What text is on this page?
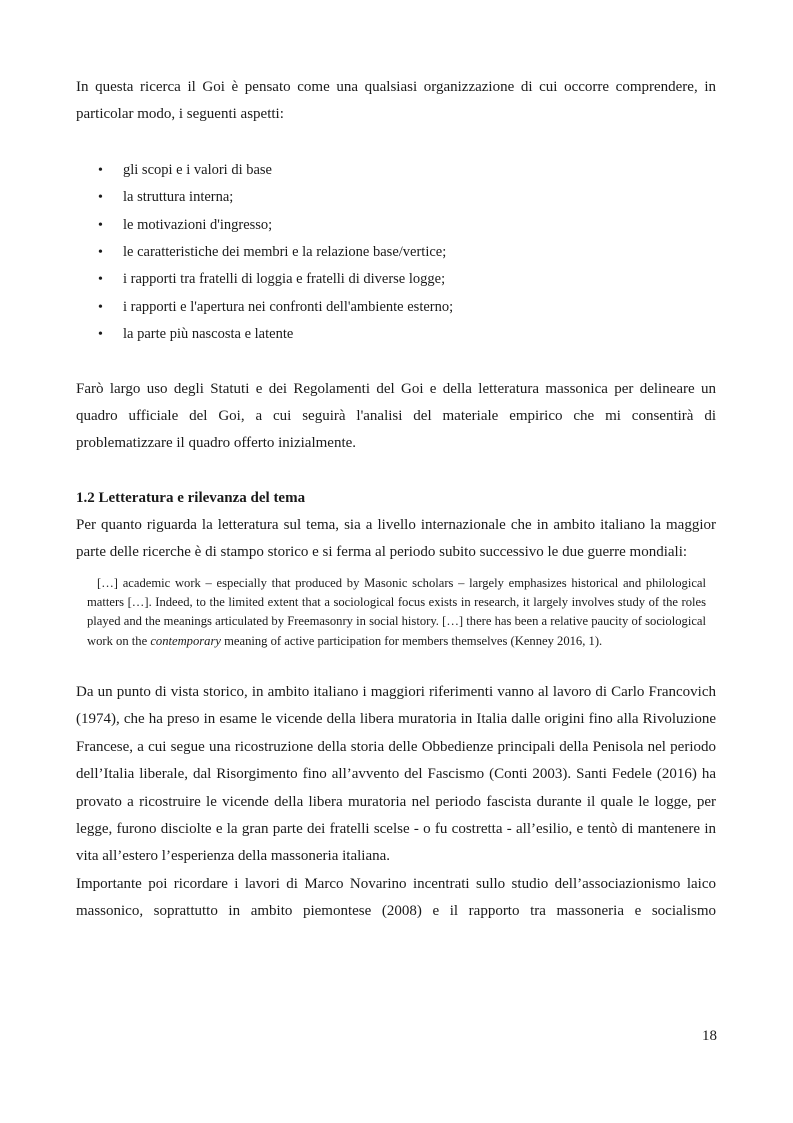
In questa ricerca il Goi è pensato come una qualsiasi organizzazione di cui occorre comprendere, in particolar modo, i seguenti aspetti:

• gli scopi e i valori di base
• la struttura interna;
• le motivazioni d'ingresso;
• le caratteristiche dei membri e la relazione base/vertice;
• i rapporti tra fratelli di loggia e fratelli di diverse logge;
• i rapporti e l'apertura nei confronti dell'ambiente esterno;
• la parte più nascosta e latente

Farò largo uso degli Statuti e dei Regolamenti del Goi e della letteratura massonica per delineare un quadro ufficiale del Goi, a cui seguirà l'analisi del materiale empirico che mi consentirà di problematizzare il quadro offerto inizialmente.

1.2 Letteratura e rilevanza del tema

Per quanto riguarda la letteratura sul tema, sia a livello internazionale che in ambito italiano la maggior parte delle ricerche è di stampo storico e si ferma al periodo subito successivo le due guerre mondiali:

[…] academic work – especially that produced by Masonic scholars – largely emphasizes historical and philological matters […]. Indeed, to the limited extent that a sociological focus exists in research, it largely involves study of the roles played and the meanings articulated by Freemasonry in social history. […] there has been a relative paucity of sociological work on the contemporary meaning of active participation for members themselves (Kenney 2016, 1).

Da un punto di vista storico, in ambito italiano i maggiori riferimenti vanno al lavoro di Carlo Francovich (1974), che ha preso in esame le vicende della libera muratoria in Italia dalle origini fino alla Rivoluzione Francese, a cui segue una ricostruzione della storia delle Obbedienze principali della Penisola nel periodo dell’Italia liberale, dal Risorgimento fino all’avvento del Fascismo (Conti 2003). Santi Fedele (2016) ha provato a ricostruire le vicende della libera muratoria nel periodo fascista durante il quale le logge, per legge, furono disciolte e la gran parte dei fratelli scelse - o fu costretta - all’esilio, e tentò di mantenere in vita all’estero l’esperienza della massoneria italiana.

Importante poi ricordare i lavori di Marco Novarino incentrati sullo studio dell’associazionismo laico massonico, soprattutto in ambito piemontese (2008) e il rapporto tra massoneria e socialismo

18
